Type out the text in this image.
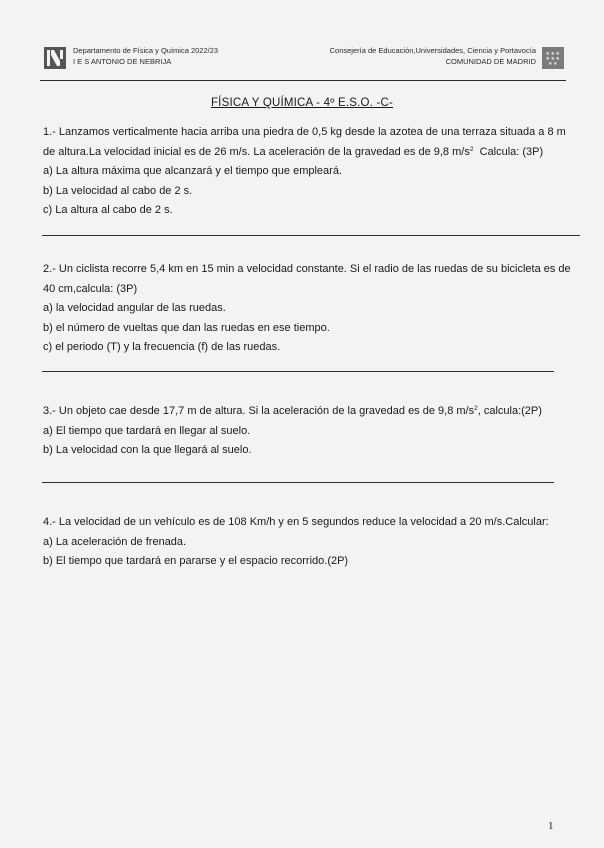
Departamento de Física y Química 2022/23
I E S ANTONIO DE NEBRIJA
Consejería de Educación,Universidades, Ciencia y Portavocía
COMUNIDAD DE MADRID
★★★
★★★
★★
FÍSICA Y QUÍMICA - 4º E.S.O. -C-
1.- Lanzamos verticalmente hacia arriba una piedra de 0,5 kg desde la azotea de una terraza situada a 8 m
de altura.La velocidad inicial es de 26 m/s. La aceleración de la gravedad es de 9,8 $m/s^2$  Calcula: (3P)
a) La altura máxima que alcanzará y el tiempo que empleará.
b) La velocidad al cabo de 2 s.
c) La altura al cabo de 2 s.
2.- Un ciclista recorre 5,4 km en 15 min a velocidad constante. Si el radio de las ruedas de su bicicleta es de
40 cm,calcula: (3P)
a) la velocidad angular de las ruedas.
b) el número de vueltas que dan las ruedas en ese tiempo.
c) el periodo (T) y la frecuencia (f) de las ruedas.
3.- Un objeto cae desde 17,7 m de altura. Si la aceleración de la gravedad es de 9,8 $m/s^2$, calcula:(2P)
a) El tiempo que tardará en llegar al suelo.
b) La velocidad con la que llegará al suelo.
4.- La velocidad de un vehículo es de 108 Km/h y en 5 segundos reduce la velocidad a 20 m/s.Calcular:
a) La aceleración de frenada.
b) El tiempo que tardará en pararse y el espacio recorrido.(2P)
1
